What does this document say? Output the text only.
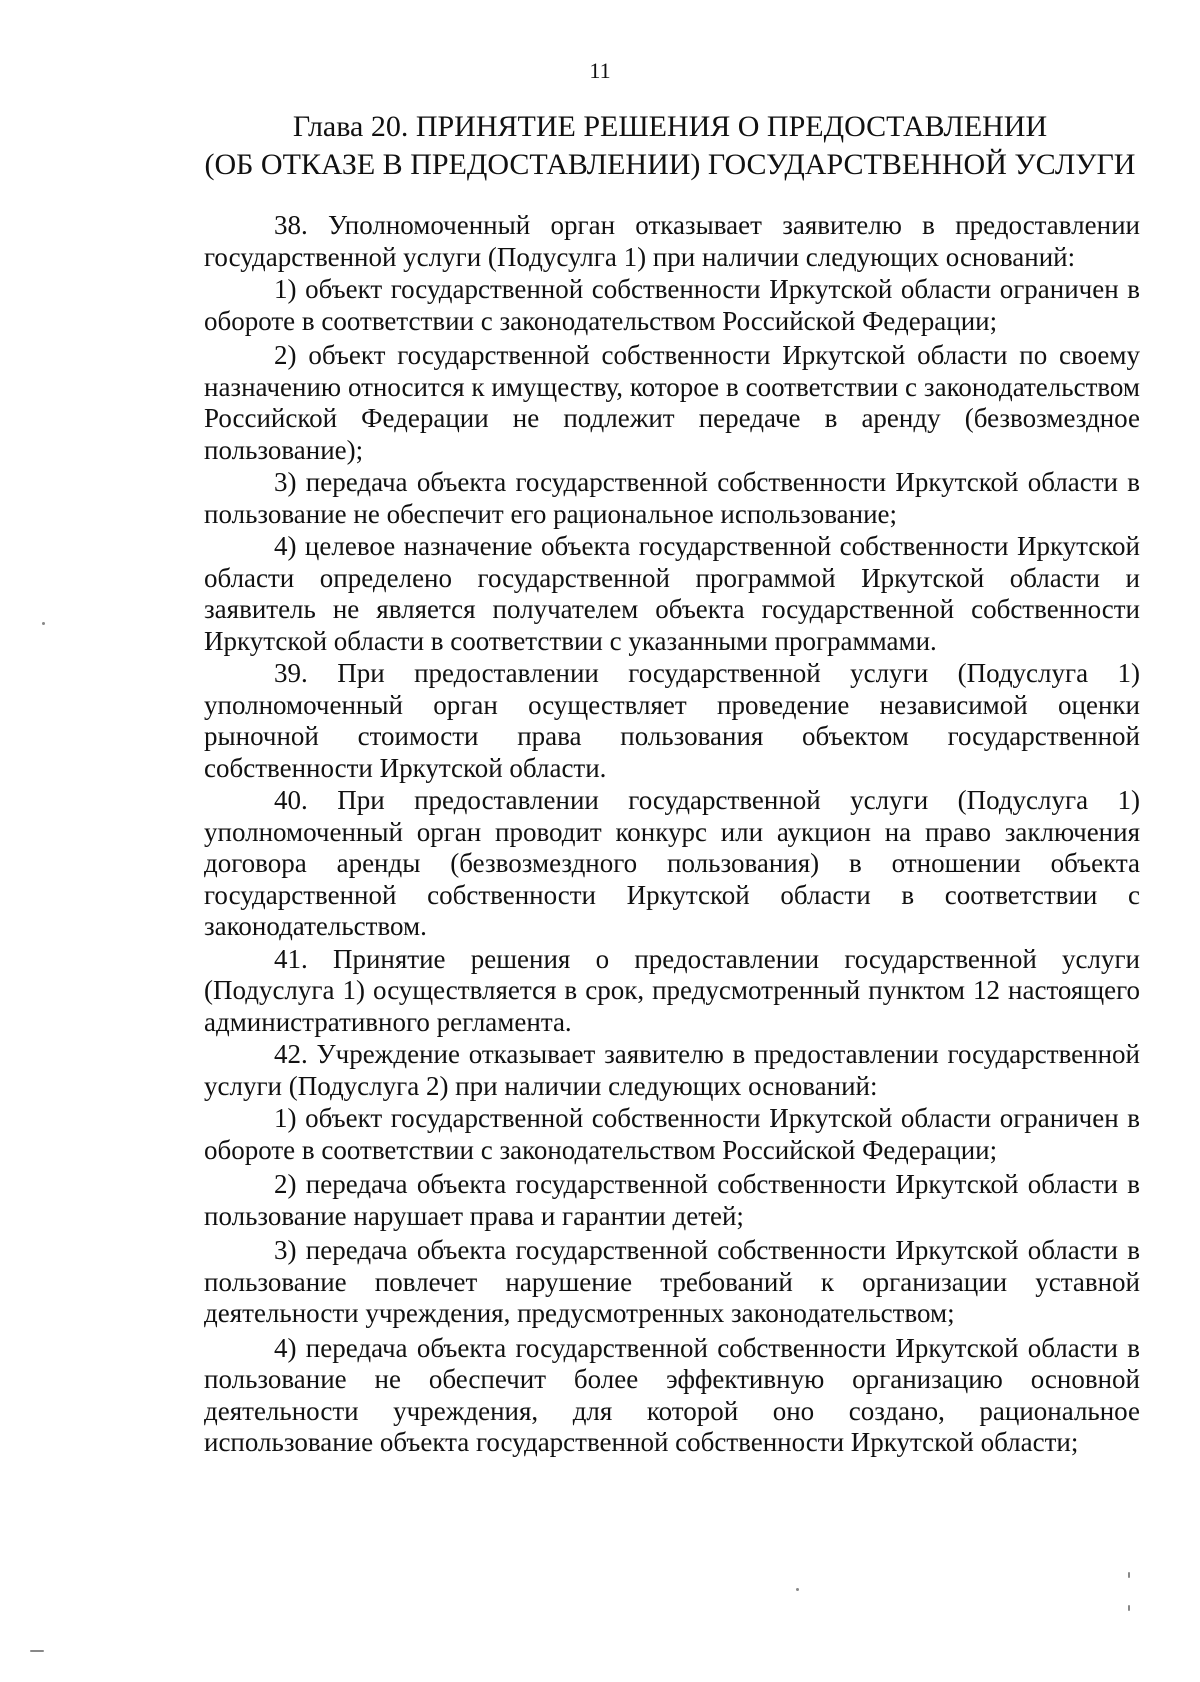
11
Глава 20. ПРИНЯТИЕ РЕШЕНИЯ О ПРЕДОСТАВЛЕНИИ
(ОБ ОТКАЗЕ В ПРЕДОСТАВЛЕНИИ) ГОСУДАРСТВЕННОЙ УСЛУГИ

38. Уполномоченный орган отказывает заявителю в предоставлении государственной услуги (Подусулга 1) при наличии следующих оснований:

1) объект государственной собственности Иркутской области ограничен в обороте в соответствии с законодательством Российской Федерации;

2) объект государственной собственности Иркутской области по своему назначению относится к имуществу, которое в соответствии с законодательством Российской Федерации не подлежит передаче в аренду (безвозмездное пользование);

3) передача объекта государственной собственности Иркутской области в пользование не обеспечит его рациональное использование;

4) целевое назначение объекта государственной собственности Иркутской области определено государственной программой Иркутской области и заявитель не является получателем объекта государственной собственности Иркутской области в соответствии с указанными программами.

39. При предоставлении государственной услуги (Подуслуга 1) уполномоченный орган осуществляет проведение независимой оценки рыночной стоимости права пользования объектом государственной собственности Иркутской области.

40. При предоставлении государственной услуги (Подуслуга 1) уполномоченный орган проводит конкурс или аукцион на право заключения договора аренды (безвозмездного пользования) в отношении объекта государственной собственности Иркутской области в соответствии с законодательством.

41. Принятие решения о предоставлении государственной услуги (Подуслуга 1) осуществляется в срок, предусмотренный пунктом 12 настоящего административного регламента.

42. Учреждение отказывает заявителю в предоставлении государственной услуги (Подуслуга 2) при наличии следующих оснований:

1) объект государственной собственности Иркутской области ограничен в обороте в соответствии с законодательством Российской Федерации;

2) передача объекта государственной собственности Иркутской области в пользование нарушает права и гарантии детей;

3) передача объекта государственной собственности Иркутской области в пользование повлечет нарушение требований к организации уставной деятельности учреждения, предусмотренных законодательством;

4) передача объекта государственной собственности Иркутской области в пользование не обеспечит более эффективную организацию основной деятельности учреждения, для которой оно создано, рациональное использование объекта государственной собственности Иркутской области;
